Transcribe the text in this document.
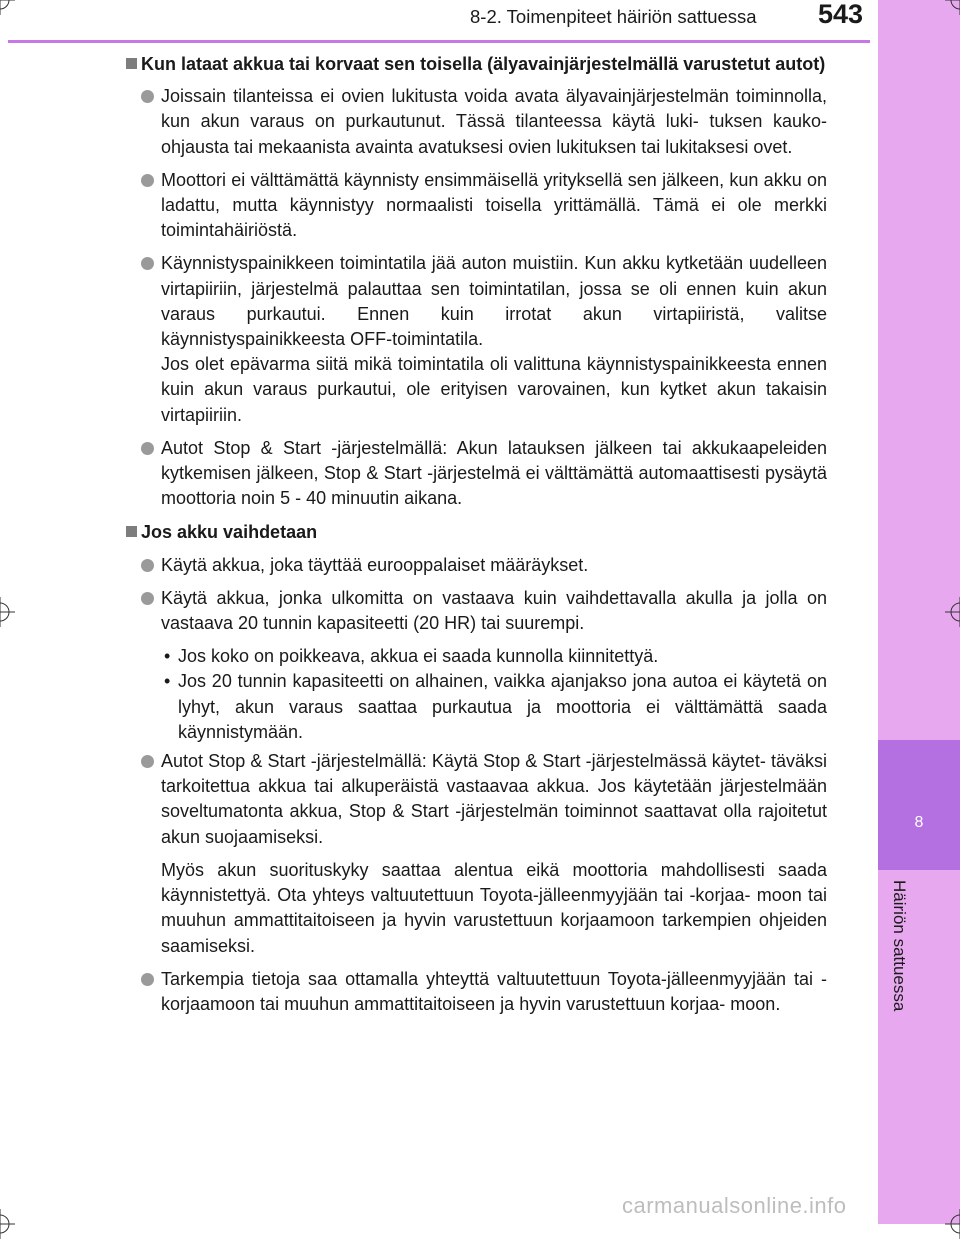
8
Häiriön sattuessa
8-2. Toimenpiteet häiriön sattuessa 543
Kun lataat akkua tai korvaat sen toisella (älyavainjärjestelmällä varustetut autot)
Joissain tilanteissa ei ovien lukitusta voida avata älyavainjärjestelmän toiminnolla, kun akun varaus on purkautunut. Tässä tilanteessa käytä luki- tuksen kauko-ohjausta tai mekaanista avainta avatuksesi ovien lukituksen tai lukitaksesi ovet.
Moottori ei välttämättä käynnisty ensimmäisellä yrityksellä sen jälkeen, kun akku on ladattu, mutta käynnistyy normaalisti toisella yrittämällä. Tämä ei ole merkki toimintahäiriöstä.
Käynnistyspainikkeen toimintatila jää auton muistiin. Kun akku kytketään uudelleen virtapiiriin, järjestelmä palauttaa sen toimintatilan, jossa se oli ennen kuin akun varaus purkautui. Ennen kuin irrotat akun virtapiiristä, valitse käynnistyspainikkeesta OFF-toimintatila.
Jos olet epävarma siitä mikä toimintatila oli valittuna käynnistyspainikkeesta ennen kuin akun varaus purkautui, ole erityisen varovainen, kun kytket akun takaisin virtapiiriin.
Autot Stop & Start -järjestelmällä: Akun latauksen jälkeen tai akkukaapeleiden kytkemisen jälkeen, Stop & Start -järjestelmä ei välttämättä automaattisesti pysäytä moottoria noin 5 - 40 minuutin aikana.
Jos akku vaihdetaan
Käytä akkua, joka täyttää eurooppalaiset määräykset.
Käytä akkua, jonka ulkomitta on vastaava kuin vaihdettavalla akulla ja jolla on vastaava 20 tunnin kapasiteetti (20 HR) tai suurempi.
• Jos koko on poikkeava, akkua ei saada kunnolla kiinnitettyä.
• Jos 20 tunnin kapasiteetti on alhainen, vaikka ajanjakso jona autoa ei käytetä on lyhyt, akun varaus saattaa purkautua ja moottoria ei välttämättä saada käynnistymään.
Autot Stop & Start -järjestelmällä: Käytä Stop & Start -järjestelmässä käytet- täväksi tarkoitettua akkua tai alkuperäistä vastaavaa akkua. Jos käytetään järjestelmään soveltumatonta akkua, Stop & Start -järjestelmän toiminnot saattavat olla rajoitetut akun suojaamiseksi.
Myös akun suorituskyky saattaa alentua eikä moottoria mahdollisesti saada käynnistettyä. Ota yhteys valtuutettuun Toyota-jälleenmyyjään tai -korjaa- moon tai muuhun ammattitaitoiseen ja hyvin varustettuun korjaamoon tarkempien ohjeiden saamiseksi.
Tarkempia tietoja saa ottamalla yhteyttä valtuutettuun Toyota-jälleenmyyjään tai -korjaamoon tai muuhun ammattitaitoiseen ja hyvin varustettuun korjaa- moon.
carmanualsonline.info
